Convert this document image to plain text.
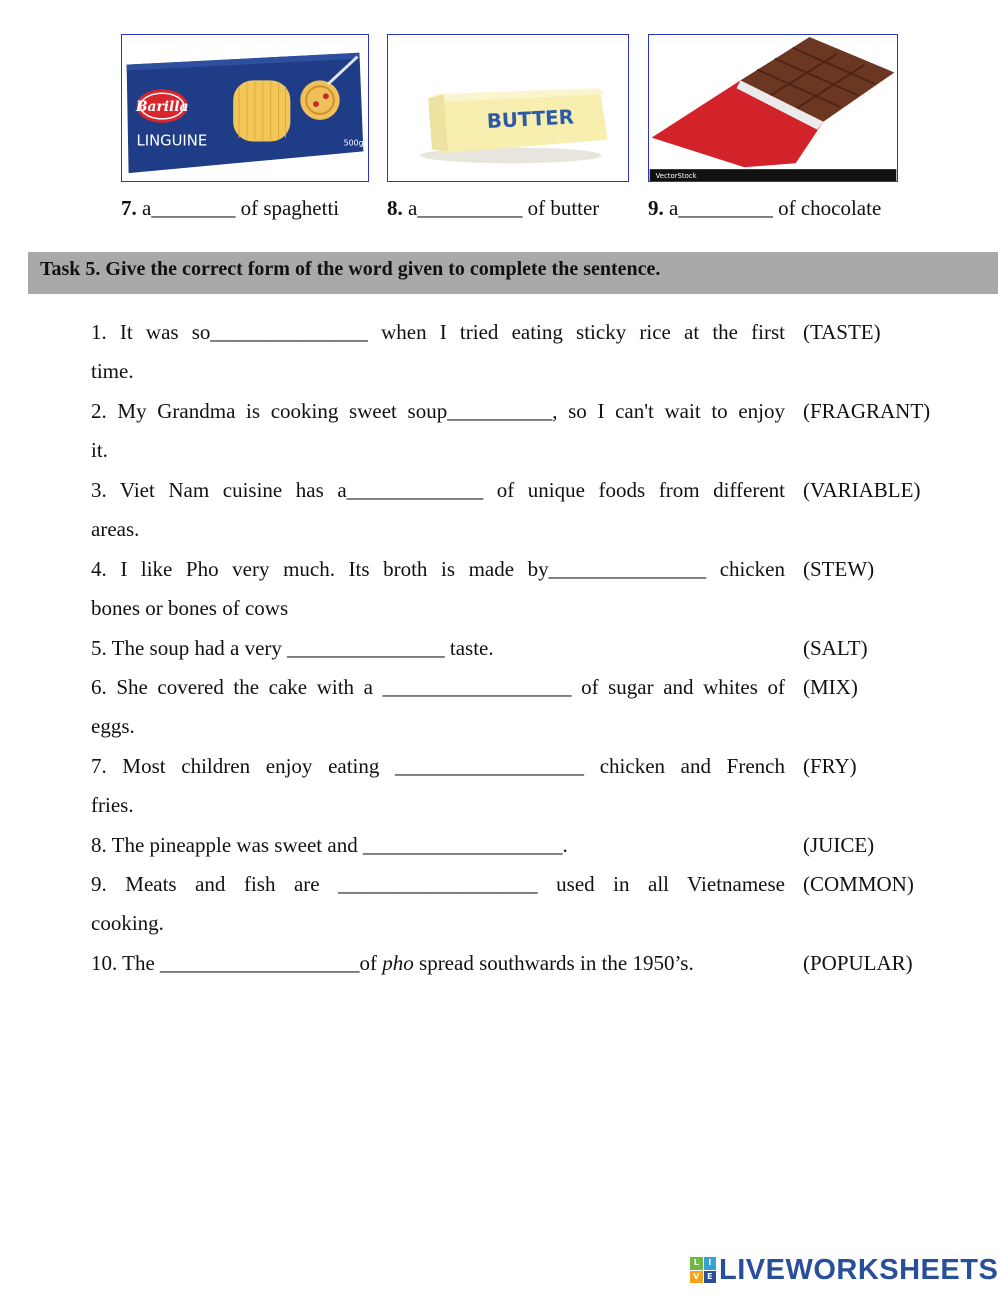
Barilla
LINGUINE	500g
BUTTER
VectorStock
7. a________ of spaghetti 8. a__________ of butter 9. a_________ of chocolate
Task 5. Give the correct form of the word given to complete the sentence.
1. It was so_______________ when I tried eating sticky rice at the first
time.
(TASTE)
2. My Grandma is cooking sweet soup__________, so I can't wait to enjoy
it.
(FRAGRANT)
3. Viet Nam cuisine has a_____________ of unique foods from different
areas.
(VARIABLE)
4. I like Pho very much. Its broth is made by_______________ chicken
bones or bones of cows
(STEW)
5. The soup had a very _______________ taste.	(SALT)
6. She covered the cake with a __________________ of sugar and whites of
eggs.
(MIX)
7. Most children enjoy eating __________________ chicken and French
fries.
(FRY)
8. The pineapple was sweet and ___________________.	(JUICE)
9. Meats and fish are ___________________ used in all Vietnamese
cooking.
(COMMON)
10. The ___________________of pho spread southwards in the 1950’s.	(POPULAR)
L	I
V E LIVEWORKSHEETS
